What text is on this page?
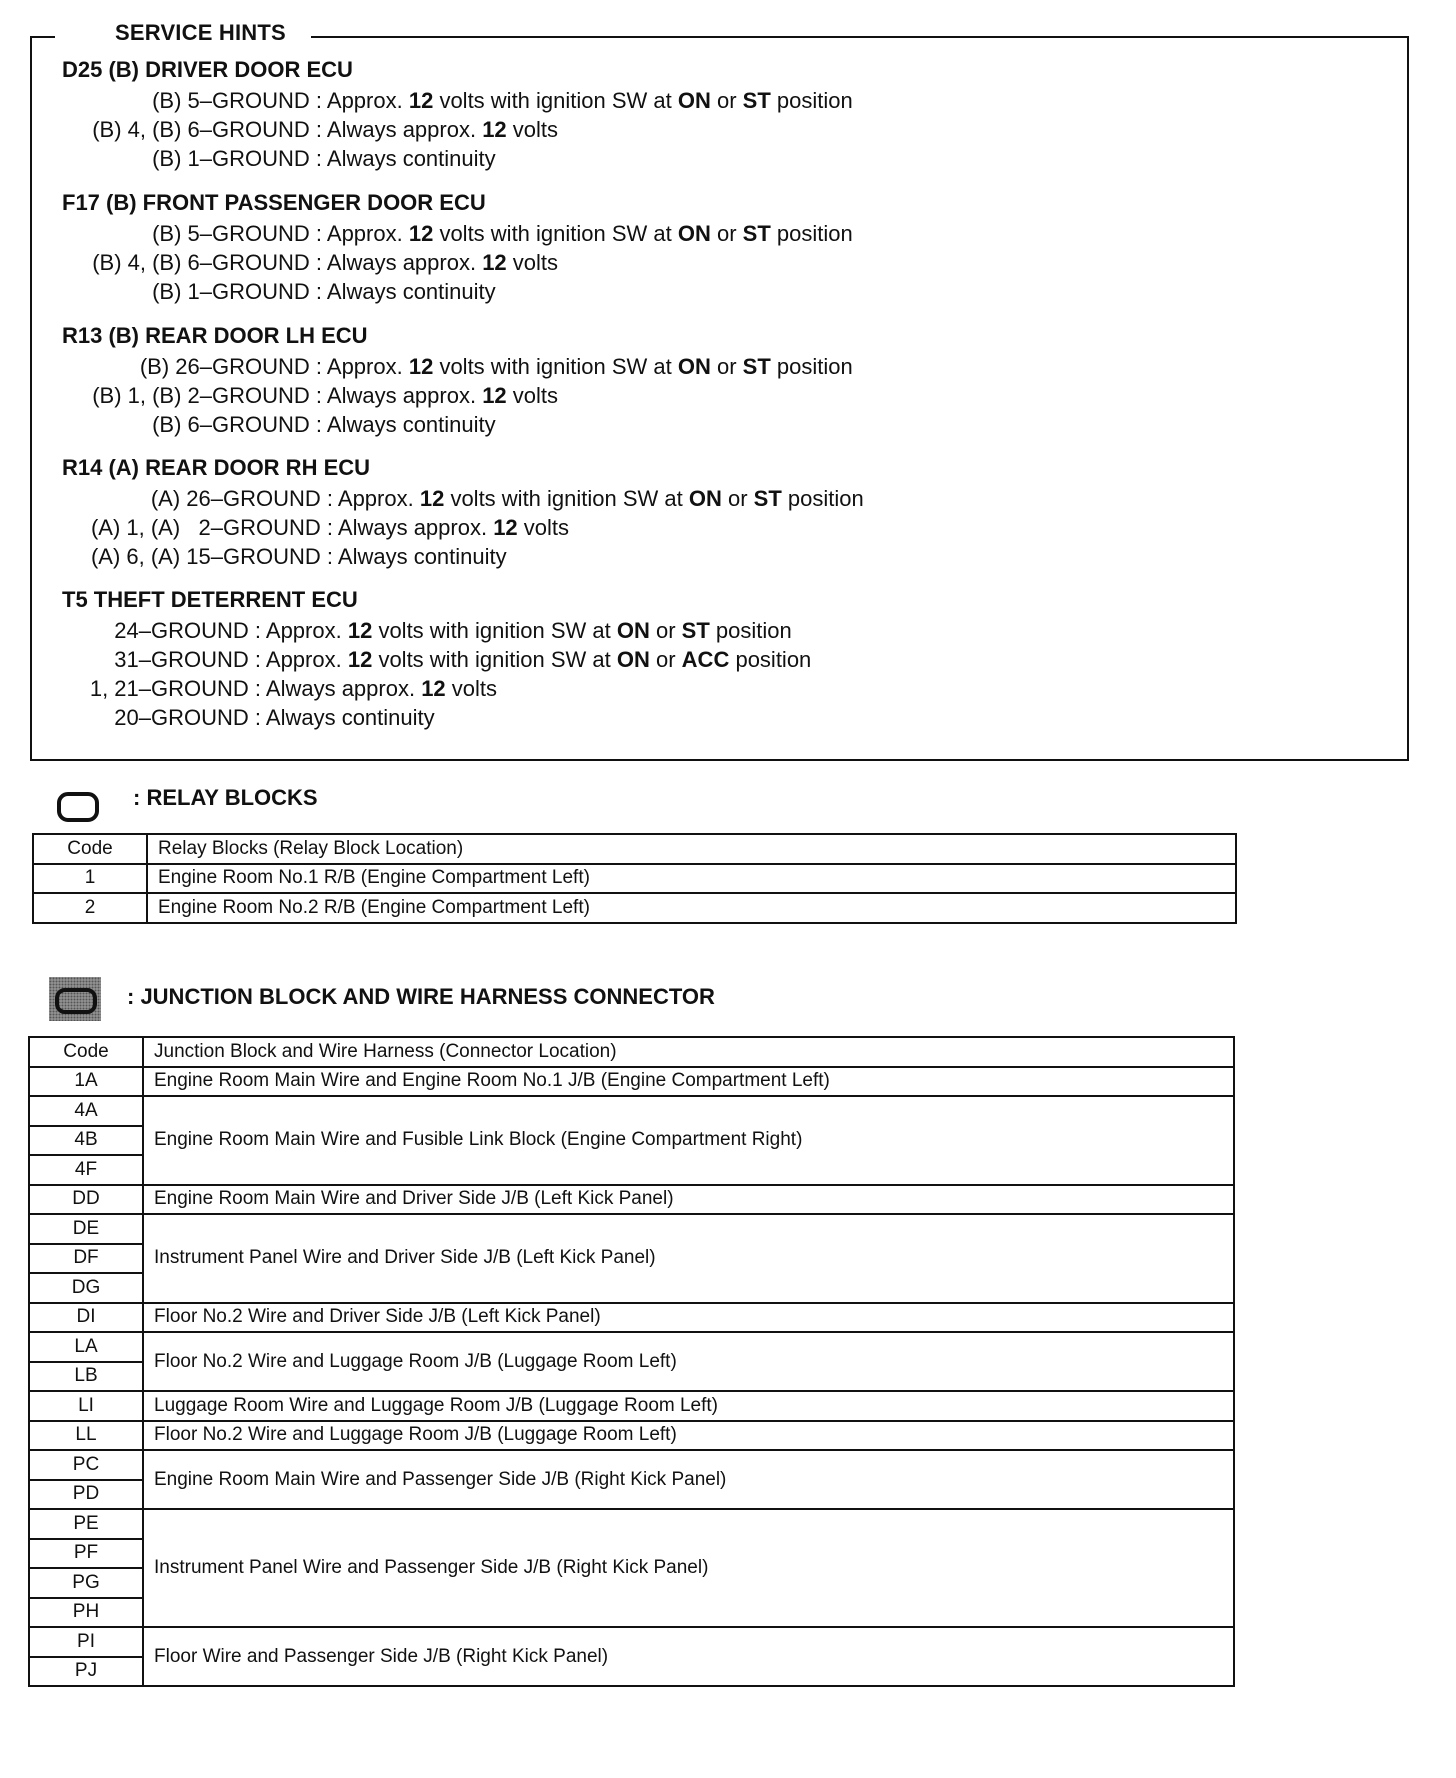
SERVICE HINTS
D25 (B) DRIVER DOOR ECU
(B) 5–GROUND : Approx. 12 volts with ignition SW at ON or ST position
(B) 4, (B) 6–GROUND : Always approx. 12 volts
(B) 1–GROUND : Always continuity
F17 (B) FRONT PASSENGER DOOR ECU
(B) 5–GROUND : Approx. 12 volts with ignition SW at ON or ST position
(B) 4, (B) 6–GROUND : Always approx. 12 volts
(B) 1–GROUND : Always continuity
R13 (B) REAR DOOR LH ECU
(B) 26–GROUND : Approx. 12 volts with ignition SW at ON or ST position
(B) 1, (B) 2–GROUND : Always approx. 12 volts
(B) 6–GROUND : Always continuity
R14 (A) REAR DOOR RH ECU
(A) 26–GROUND : Approx. 12 volts with ignition SW at ON or ST position
(A) 1, (A)   2–GROUND : Always approx. 12 volts
(A) 6, (A) 15–GROUND : Always continuity
T5 THEFT DETERRENT ECU
24–GROUND : Approx. 12 volts with ignition SW at ON or ST position
31–GROUND : Approx. 12 volts with ignition SW at ON or ACC position
1, 21–GROUND : Always approx. 12 volts
20–GROUND : Always continuity
: RELAY BLOCKS
Code	Relay Blocks (Relay Block Location)
1	Engine Room No.1 R/B (Engine Compartment Left)
2	Engine Room No.2 R/B (Engine Compartment Left)
: JUNCTION BLOCK AND WIRE HARNESS CONNECTOR
Code	Junction Block and Wire Harness (Connector Location)
1A	Engine Room Main Wire and Engine Room No.1 J/B (Engine Compartment Left)
4A	Engine Room Main Wire and Fusible Link Block (Engine Compartment Right)
4B	
4F	
DD	Engine Room Main Wire and Driver Side J/B (Left Kick Panel)
DE	Instrument Panel Wire and Driver Side J/B (Left Kick Panel)
DF	
DG	
DI	Floor No.2 Wire and Driver Side J/B (Left Kick Panel)
LA	Floor No.2 Wire and Luggage Room J/B (Luggage Room Left)
LB	
LI	Luggage Room Wire and Luggage Room J/B (Luggage Room Left)
LL	Floor No.2 Wire and Luggage Room J/B (Luggage Room Left)
PC	Engine Room Main Wire and Passenger Side J/B (Right Kick Panel)
PD	
PE	Instrument Panel Wire and Passenger Side J/B (Right Kick Panel)
PF	
PG	
PH	
PI	Floor Wire and Passenger Side J/B (Right Kick Panel)
PJ	
